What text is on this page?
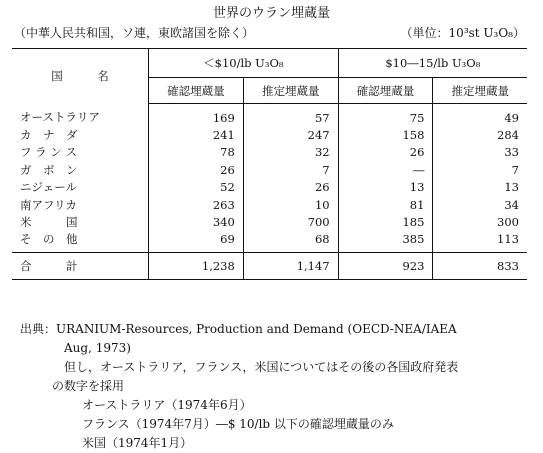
世界のウラン埋蔵量
（中華人民共和国，ソ連，東欧諸国を除く）	（単位：10³st U₃O₈）
国　　　名	＜$10/lb U₃O₈		$10―15/lb U₃O₈	
	確認埋蔵量	推定埋蔵量	確認埋蔵量	推定埋蔵量
オーストラリア	169	57	75	49
カ　ナ　ダ	241	247	158	284
フ ラ ン ス	78	32	26	33
ガ　ボ　ン	26	7	―	7
ニジェール	52	26	13	13
南アフリカ	263	10	81	34
米　　　国	340	700	185	300
そ　の　他	69	68	385	113
合　　　計	1,238	1,147	923	833
出典：URANIUM-Resources, Production and Demand (OECD-NEA/IAEA
Aug, 1973)
但し，オーストラリア，フランス，米国についてはその後の各国政府発表
の数字を採用
オーストラリア（1974年6月）
フランス（1974年7月）―$ 10/lb 以下の確認埋蔵量のみ
米国（1974年1月）
